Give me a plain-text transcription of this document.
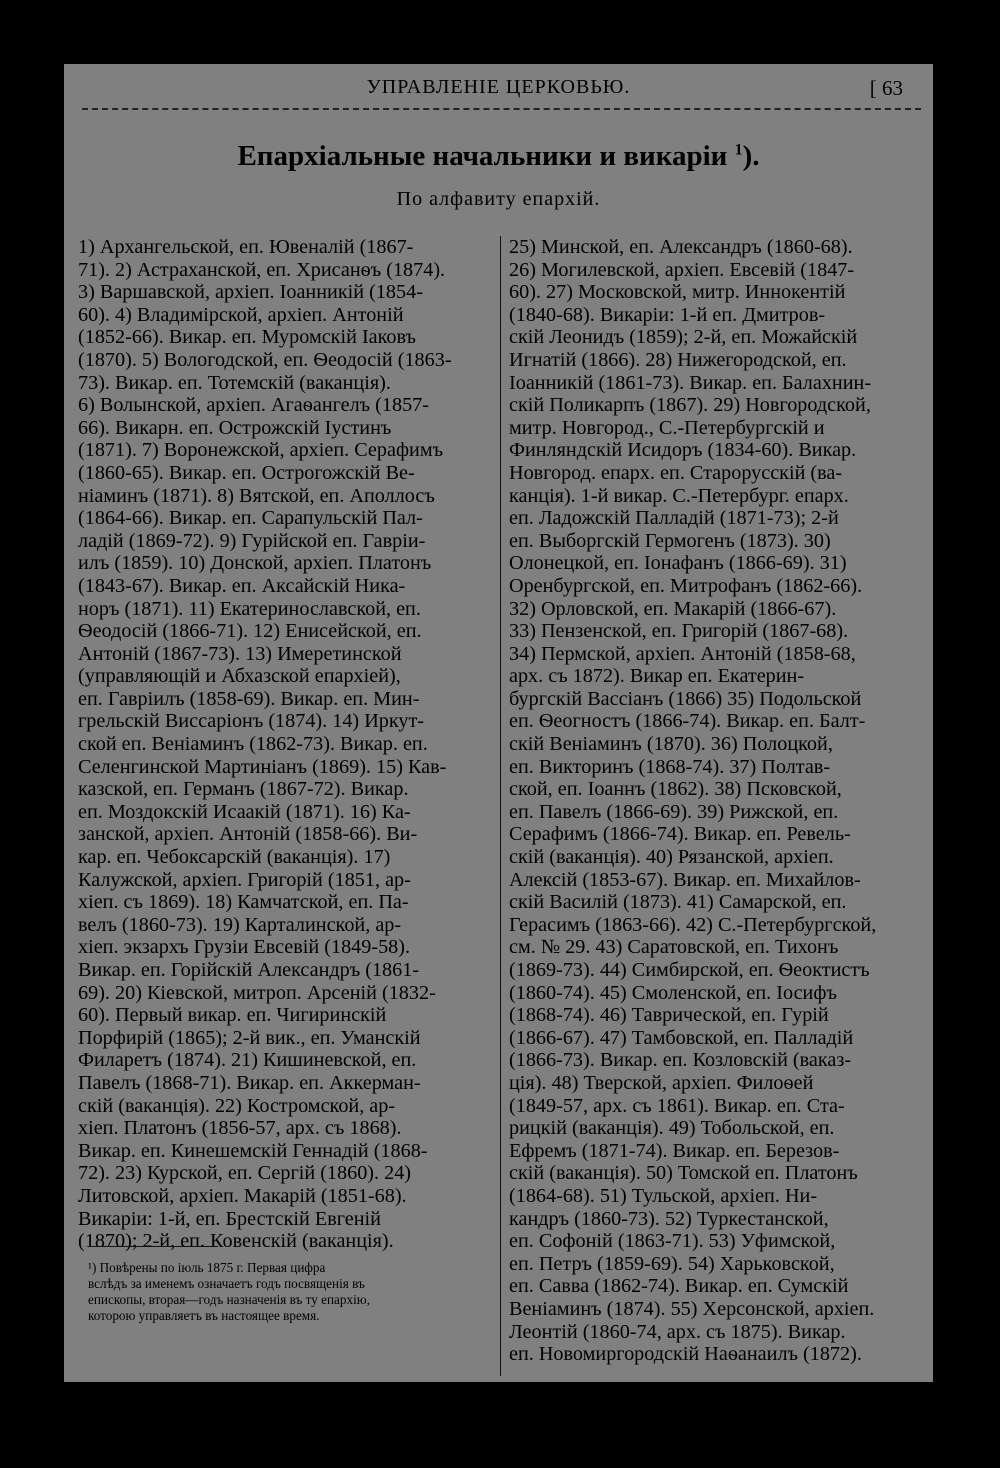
УПРАВЛЕНІЕ ЦЕРКОВЬЮ.	[ 63
Епархіальные начальники и викаріи $^1$).
По алфавиту епархій.
1) Архангельской, еп. Ювеналій (1867-
71). 2) Астраханской, еп. Хрисанѳъ (1874).
3) Варшавской, архіеп. Іоанникій (1854-
60). 4) Владимірской, архіеп. Антоній
(1852-66). Викар. еп. Муромскій Іаковъ
(1870). 5) Вологодской, еп. Ѳеодосій (1863-
73). Викар. еп. Тотемскій (ваканція).
6) Волынской, архіеп. Агаѳангелъ (1857-
66). Викарн. еп. Острожскій Іустинъ
(1871). 7) Воронежской, архіеп. Серафимъ
(1860-65). Викар. еп. Острогожскій Ве-
ніаминъ (1871). 8) Вятской, еп. Аполлосъ
(1864-66). Викар. еп. Сарапульскій Пал-
ладій (1869-72). 9) Гурійской еп. Гавріи-
илъ (1859). 10) Донской, архіеп. Платонъ
(1843-67). Викар. еп. Аксайскій Ника-
норъ (1871). 11) Екатеринославской, еп.
Ѳеодосій (1866-71). 12) Енисейской, еп.
Антоній (1867-73). 13) Имеретинской
(управляющій и Абхазской епархіей),
еп. Гавріилъ (1858-69). Викар. еп. Мин-
грельскій Виссаріонъ (1874). 14) Иркут-
ской еп. Веніаминъ (1862-73). Викар. еп.
Селенгинской Мартиніанъ (1869). 15) Кав-
казской, еп. Германъ (1867-72). Викар.
еп. Моздокскій Исаакій (1871). 16) Ка-
занской, архіеп. Антоній (1858-66). Ви-
кар. еп. Чебоксарскій (ваканція). 17)
Калужской, архіеп. Григорій (1851, ар-
хіеп. съ 1869). 18) Камчатской, еп. Па-
велъ (1860-73). 19) Карталинской, ар-
хіеп. экзархъ Грузіи Евсевій (1849-58).
Викар. еп. Горійскій Александръ (1861-
69). 20) Кіевской, митроп. Арсеній (1832-
60). Первый викар. еп. Чигиринскій
Порфирій (1865); 2-й вик., еп. Уманскій
Филаретъ (1874). 21) Кишиневской, еп.
Павелъ (1868-71). Викар. еп. Аккерман-
скій (ваканція). 22) Костромской, ар-
хіеп. Платонъ (1856-57, арх. съ 1868).
Викар. еп. Кинешемскій Геннадій (1868-
72). 23) Курской, еп. Сергій (1860). 24)
Литовской, архіеп. Макарій (1851-68).
Викаріи: 1-й, еп. Брестскій Евгеній
(1870); 2-й, еп. Ковенскій (ваканція).
25) Минской, еп. Александръ (1860-68).
26) Могилевской, архіеп. Евсевій (1847-
60). 27) Московской, митр. Иннокентій
(1840-68). Викаріи: 1-й еп. Дмитров-
скій Леонидъ (1859); 2-й, еп. Можайскій
Игнатій (1866). 28) Нижегородской, еп.
Іоанникій (1861-73). Викар. еп. Балахнин-
скій Поликарпъ (1867). 29) Новгородской,
митр. Новгород., С.-Петербургскій и
Финляндскій Исидоръ (1834-60). Викар.
Новгород. епарх. еп. Старорусскій (ва-
канція). 1-й викар. С.-Петербург. епарх.
еп. Ладожскій Палладій (1871-73); 2-й
еп. Выборгскій Гермогенъ (1873). 30)
Олонецкой, еп. Іонафанъ (1866-69). 31)
Оренбургской, еп. Митрофанъ (1862-66).
32) Орловской, еп. Макарій (1866-67).
33) Пензенской, еп. Григорій (1867-68).
34) Пермской, архіеп. Антоній (1858-68,
арх. съ 1872). Викар еп. Екатерин-
бургскій Вассіанъ (1866) 35) Подольской
еп. Ѳеогностъ (1866-74). Викар. еп. Балт-
скій Веніаминъ (1870). 36) Полоцкой,
еп. Викторинъ (1868-74). 37) Полтав-
ской, еп. Іоаннъ (1862). 38) Псковской,
еп. Павелъ (1866-69). 39) Рижской, еп.
Серафимъ (1866-74). Викар. еп. Ревель-
скій (ваканція). 40) Рязанской, архіеп.
Алексій (1853-67). Викар. еп. Михайлов-
скій Василій (1873). 41) Самарской, еп.
Герасимъ (1863-66). 42) С.-Петербургской,
см. № 29. 43) Саратовской, еп. Тихонъ
(1869-73). 44) Симбирской, еп. Ѳеоктистъ
(1860-74). 45) Смоленской, еп. Іосифъ
(1868-74). 46) Таврической, еп. Гурій
(1866-67). 47) Тамбовской, еп. Палладій
(1866-73). Викар. еп. Козловскій (ваказ-
ція). 48) Тверской, архіеп. Филоѳей
(1849-57, арх. съ 1861). Викар. еп. Ста-
рицкій (ваканція). 49) Тобольской, еп.
Ефремъ (1871-74). Викар. еп. Березов-
скій (ваканція). 50) Томской еп. Платонъ
(1864-68). 51) Тульской, архіеп. Ни-
кандръ (1860-73). 52) Туркестанской,
еп. Софоній (1863-71). 53) Уфимской,
еп. Петръ (1859-69). 54) Харьковской,
еп. Савва (1862-74). Викар. еп. Сумскій
Веніаминъ (1874). 55) Херсонской, архіеп.
Леонтій (1860-74, арх. съ 1875). Викар.
еп. Новомиргородскій Наѳанаилъ (1872).
¹) Повѣрены по іюль 1875 г. Первая цифра
вслѣдъ за именемъ означаетъ годъ посвященія въ
епископы, вторая—годъ назначенія въ ту епархію,
которою управляетъ въ настоящее время.
